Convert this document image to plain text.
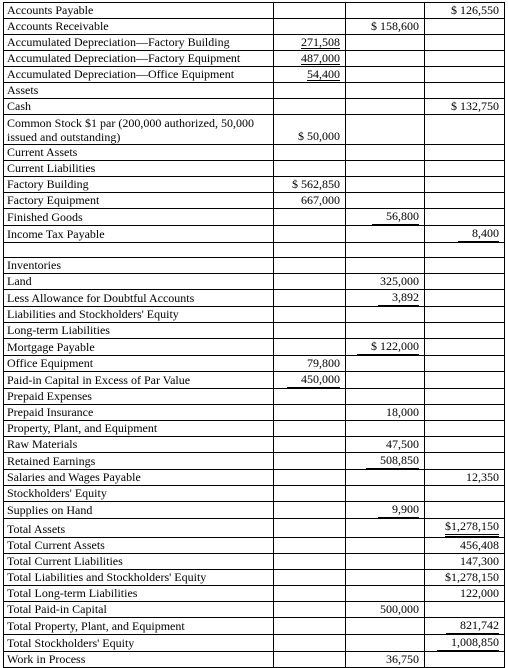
Accounts Payable			$ 126,550
Accounts Receivable		$ 158,600	
Accumulated Depreciation—Factory Building	271,508		
Accumulated Depreciation—Factory Equipment	487,000		
Accumulated Depreciation—Office Equipment	54,400		
Assets			
Cash			$ 132,750
Common Stock $1 par (200,000 authorized, 50,000 issued and outstanding)	$ 50,000		
Current Assets			
Current Liabilities			
Factory Building	$ 562,850		
Factory Equipment	667,000		
Finished Goods		56,800	
Income Tax Payable			8,400

Inventories			
Land		325,000	
Less Allowance for Doubtful Accounts		3,892	
Liabilities and Stockholders' Equity			
Long-term Liabilities			
Mortgage Payable		$ 122,000	
Office Equipment	79,800		
Paid-in Capital in Excess of Par Value	450,000		
Prepaid Expenses			
Prepaid Insurance		18,000	
Property, Plant, and Equipment			
Raw Materials		47,500	
Retained Earnings		508,850	
Salaries and Wages Payable			12,350
Stockholders' Equity			
Supplies on Hand		9,900	
Total Assets			$1,278,150
Total Current Assets			456,408
Total Current Liabilities			147,300
Total Liabilities and Stockholders' Equity			$1,278,150
Total Long-term Liabilities			122,000
Total Paid-in Capital		500,000	
Total Property, Plant, and Equipment			821,742
Total Stockholders' Equity			1,008,850
Work in Process		36,750	
